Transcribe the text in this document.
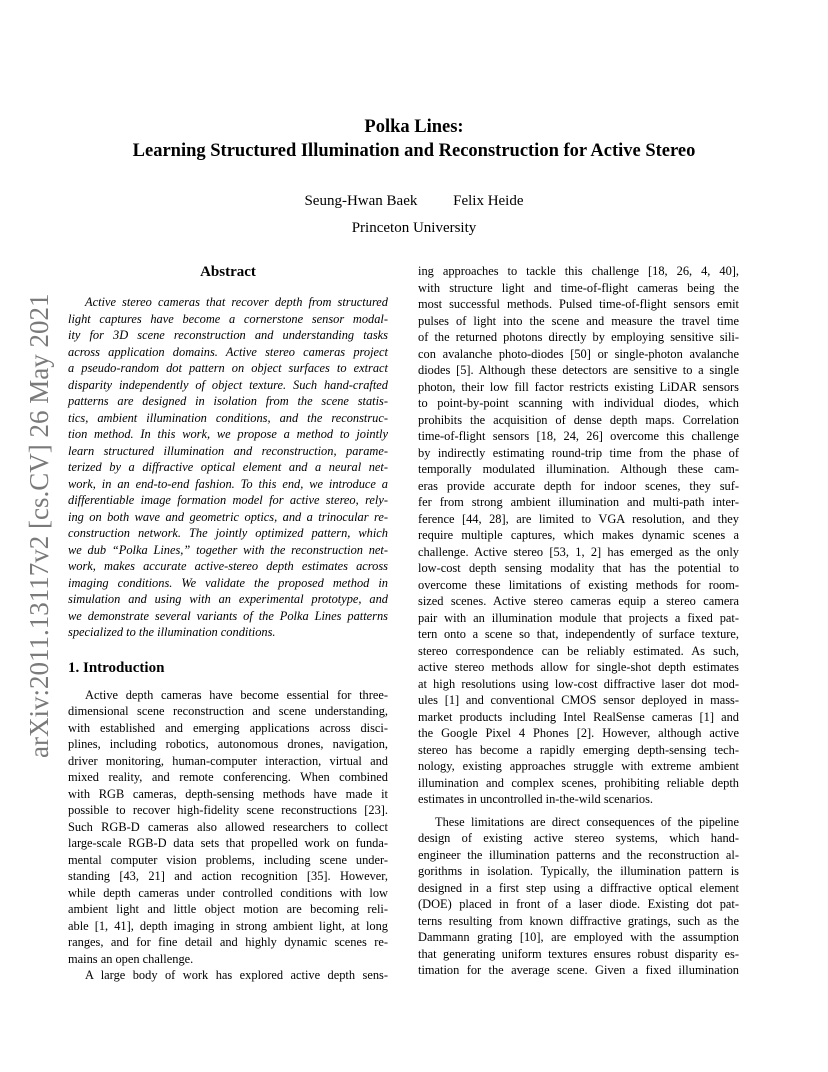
arXiv:2011.13117v2 [cs.CV] 26 May 2021
Polka Lines:
Learning Structured Illumination and Reconstruction for Active Stereo
Seung-Hwan Baek Felix Heide
Princeton University
Abstract
Active stereo cameras that recover depth from structured
light captures have become a cornerstone sensor modal-
ity for 3D scene reconstruction and understanding tasks
across application domains. Active stereo cameras project
a pseudo-random dot pattern on object surfaces to extract
disparity independently of object texture. Such hand-crafted
patterns are designed in isolation from the scene statis-
tics, ambient illumination conditions, and the reconstruc-
tion method. In this work, we propose a method to jointly
learn structured illumination and reconstruction, parame-
terized by a diffractive optical element and a neural net-
work, in an end-to-end fashion. To this end, we introduce a
differentiable image formation model for active stereo, rely-
ing on both wave and geometric optics, and a trinocular re-
construction network. The jointly optimized pattern, which
we dub “Polka Lines,” together with the reconstruction net-
work, makes accurate active-stereo depth estimates across
imaging conditions. We validate the proposed method in
simulation and using with an experimental prototype, and
we demonstrate several variants of the Polka Lines patterns
specialized to the illumination conditions.
1. Introduction
Active depth cameras have become essential for three-
dimensional scene reconstruction and scene understanding,
with established and emerging applications across disci-
plines, including robotics, autonomous drones, navigation,
driver monitoring, human-computer interaction, virtual and
mixed reality, and remote conferencing. When combined
with RGB cameras, depth-sensing methods have made it
possible to recover high-fidelity scene reconstructions [23].
Such RGB-D cameras also allowed researchers to collect
large-scale RGB-D data sets that propelled work on funda-
mental computer vision problems, including scene under-
standing [43, 21] and action recognition [35]. However,
while depth cameras under controlled conditions with low
ambient light and little object motion are becoming reli-
able [1, 41], depth imaging in strong ambient light, at long
ranges, and for fine detail and highly dynamic scenes re-
mains an open challenge.
A large body of work has explored active depth sens-
ing approaches to tackle this challenge [18, 26, 4, 40],
with structure light and time-of-flight cameras being the
most successful methods. Pulsed time-of-flight sensors emit
pulses of light into the scene and measure the travel time
of the returned photons directly by employing sensitive sili-
con avalanche photo-diodes [50] or single-photon avalanche
diodes [5]. Although these detectors are sensitive to a single
photon, their low fill factor restricts existing LiDAR sensors
to point-by-point scanning with individual diodes, which
prohibits the acquisition of dense depth maps. Correlation
time-of-flight sensors [18, 24, 26] overcome this challenge
by indirectly estimating round-trip time from the phase of
temporally modulated illumination. Although these cam-
eras provide accurate depth for indoor scenes, they suf-
fer from strong ambient illumination and multi-path inter-
ference [44, 28], are limited to VGA resolution, and they
require multiple captures, which makes dynamic scenes a
challenge. Active stereo [53, 1, 2] has emerged as the only
low-cost depth sensing modality that has the potential to
overcome these limitations of existing methods for room-
sized scenes. Active stereo cameras equip a stereo camera
pair with an illumination module that projects a fixed pat-
tern onto a scene so that, independently of surface texture,
stereo correspondence can be reliably estimated. As such,
active stereo methods allow for single-shot depth estimates
at high resolutions using low-cost diffractive laser dot mod-
ules [1] and conventional CMOS sensor deployed in mass-
market products including Intel RealSense cameras [1] and
the Google Pixel 4 Phones [2]. However, although active
stereo has become a rapidly emerging depth-sensing tech-
nology, existing approaches struggle with extreme ambient
illumination and complex scenes, prohibiting reliable depth
estimates in uncontrolled in-the-wild scenarios.
These limitations are direct consequences of the pipeline
design of existing active stereo systems, which hand-
engineer the illumination patterns and the reconstruction al-
gorithms in isolation. Typically, the illumination pattern is
designed in a first step using a diffractive optical element
(DOE) placed in front of a laser diode. Existing dot pat-
terns resulting from known diffractive gratings, such as the
Dammann grating [10], are employed with the assumption
that generating uniform textures ensures robust disparity es-
timation for the average scene. Given a fixed illumination
